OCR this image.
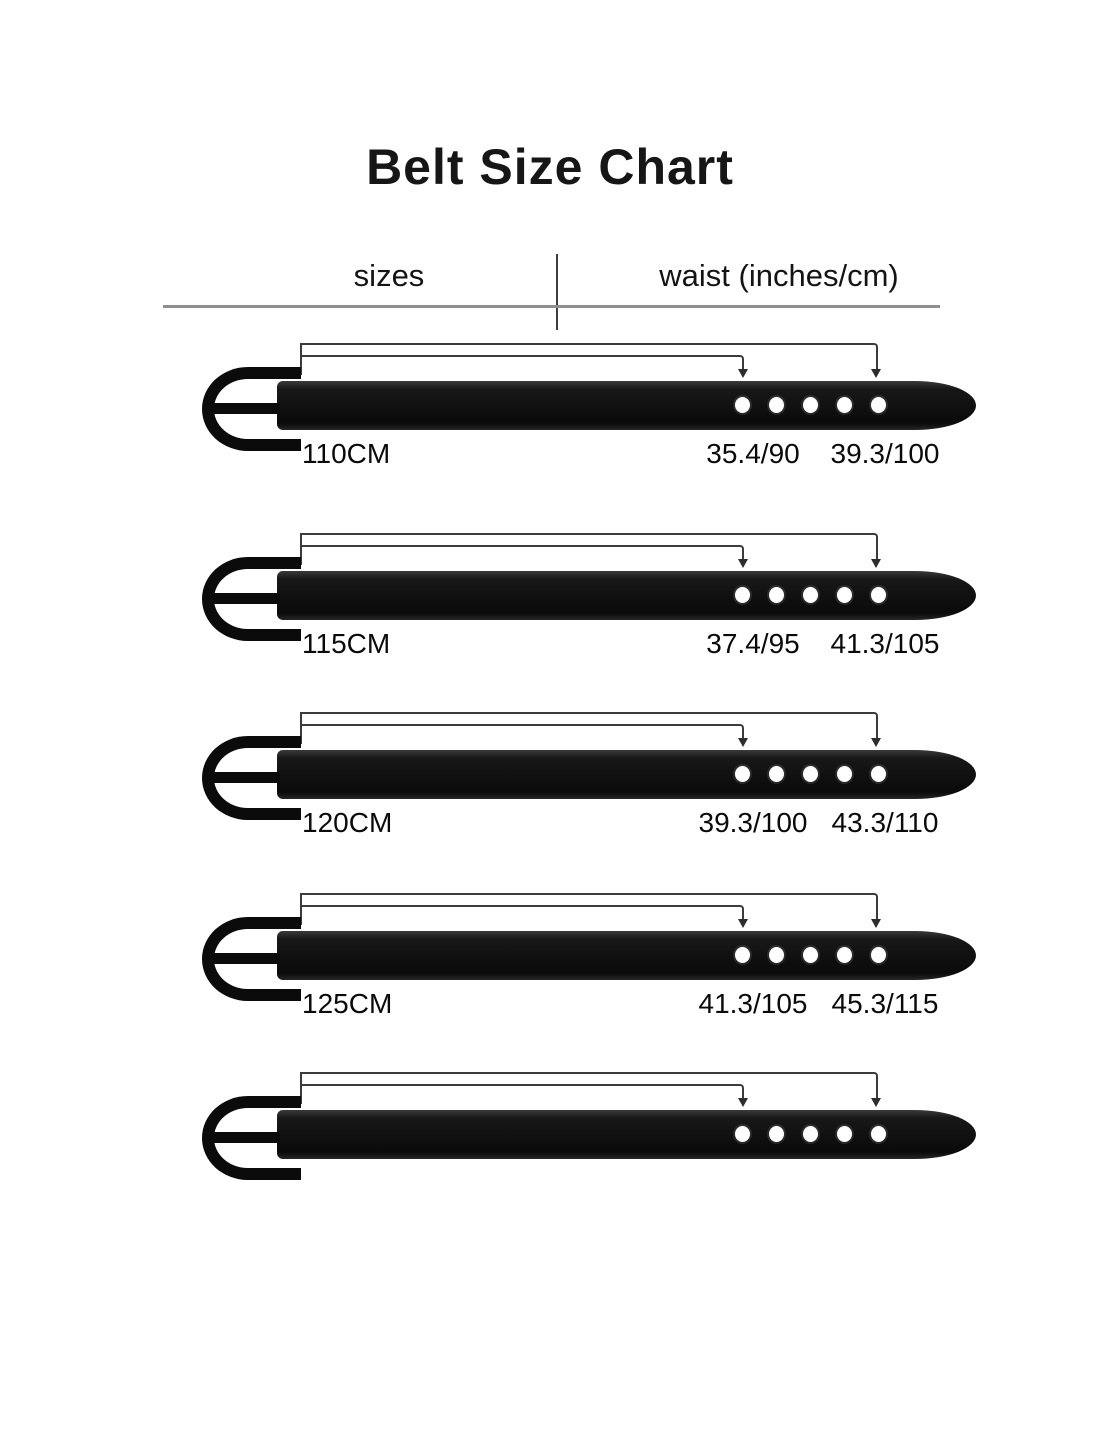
Belt Size Chart
sizes	waist (inches/cm)
110CM	35.4/90 39.3/100
115CM	37.4/95 41.3/105
120CM	39.3/100 43.3/110
125CM	41.3/105 45.3/115
